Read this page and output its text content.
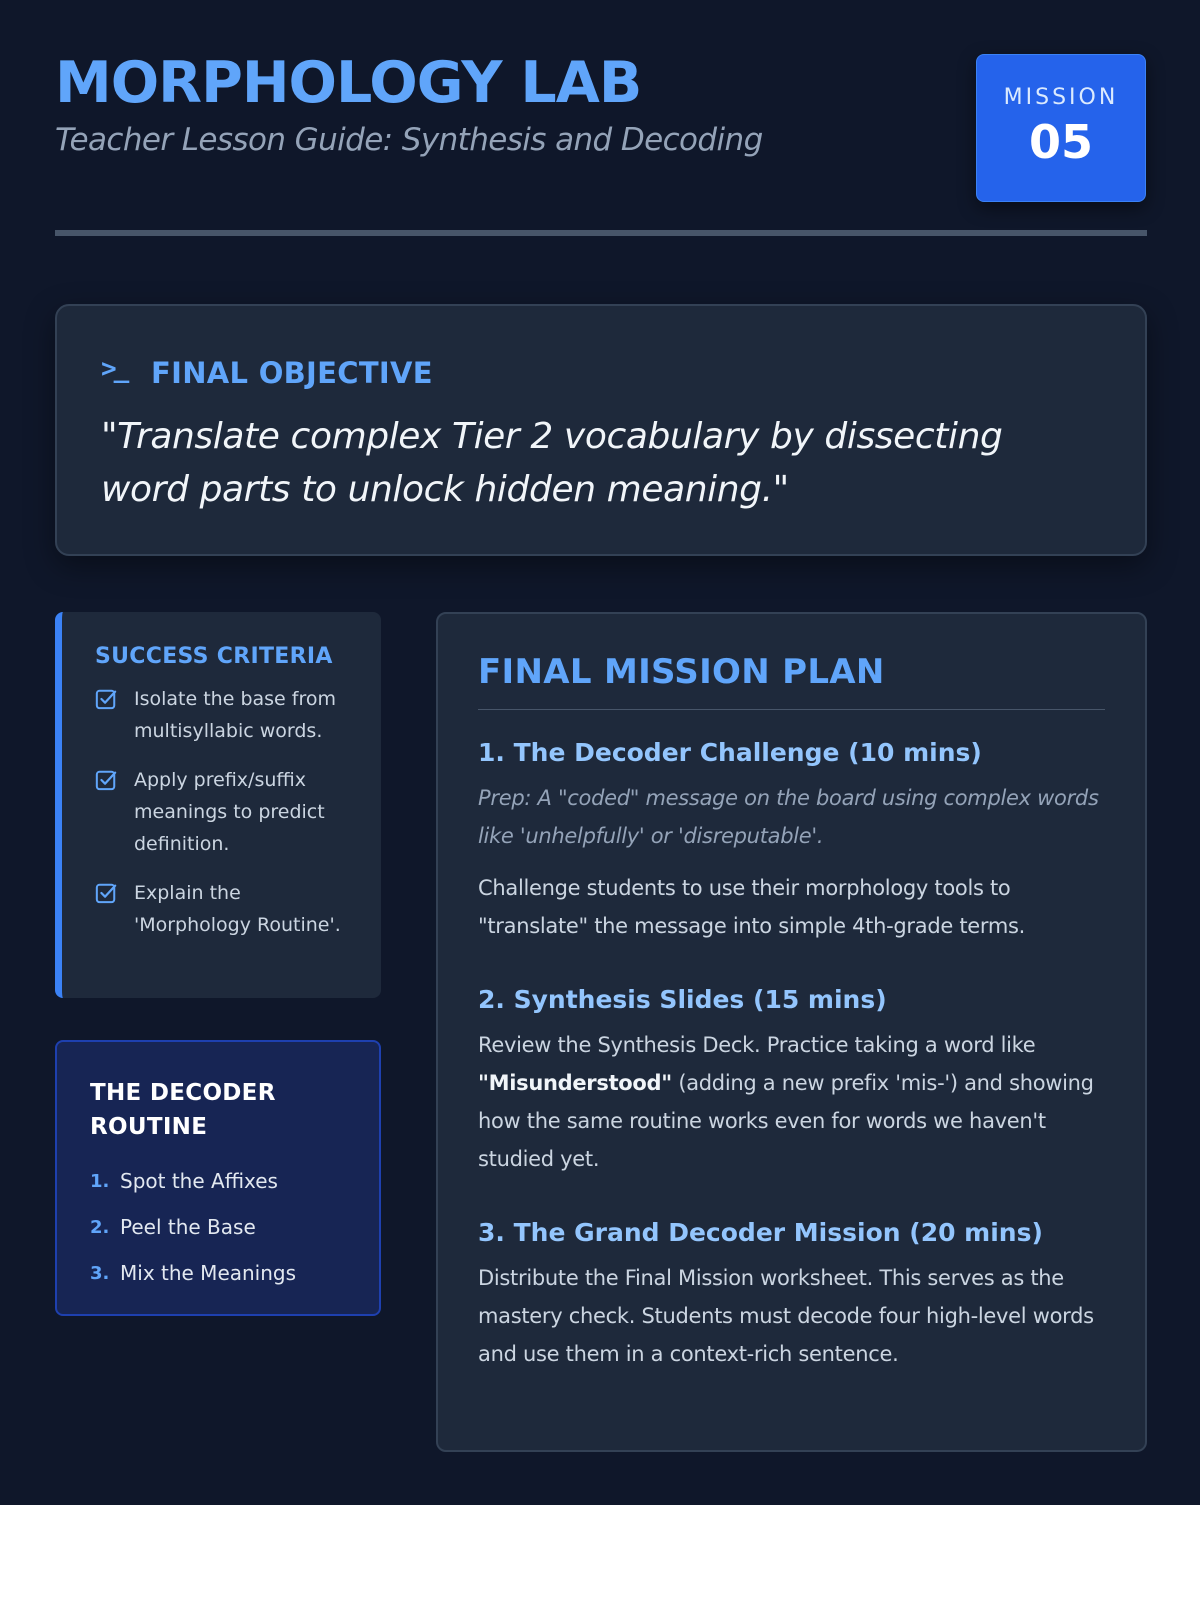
MORPHOLOGY LAB

Teacher Lesson Guide: Synthesis and Decoding

MISSION
05
>_ FINAL OBJECTIVE

"Translate complex Tier 2 vocabulary by dissecting word parts to unlock hidden meaning."

SUCCESS CRITERIA
Isolate the base from multisyllabic words.
Apply prefix/suffix meanings to predict definition.
Explain the 'Morphology Routine'.
THE DECODER ROUTINE
1. Spot the Affixes
2. Peel the Base
3. Mix the Meanings
FINAL MISSION PLAN
1. The Decoder Challenge (10 mins)

Prep: A "coded" message on the board using complex words like 'unhelpfully' or 'disreputable'.

Challenge students to use their morphology tools to "translate" the message into simple 4th-grade terms.

2. Synthesis Slides (15 mins)

Review the Synthesis Deck. Practice taking a word like "Misunderstood" (adding a new prefix 'mis-') and showing how the same routine works even for words we haven't studied yet.

3. The Grand Decoder Mission (20 mins)

Distribute the Final Mission worksheet. This serves as the mastery check. Students must decode four high-level words and use them in a context-rich sentence.
